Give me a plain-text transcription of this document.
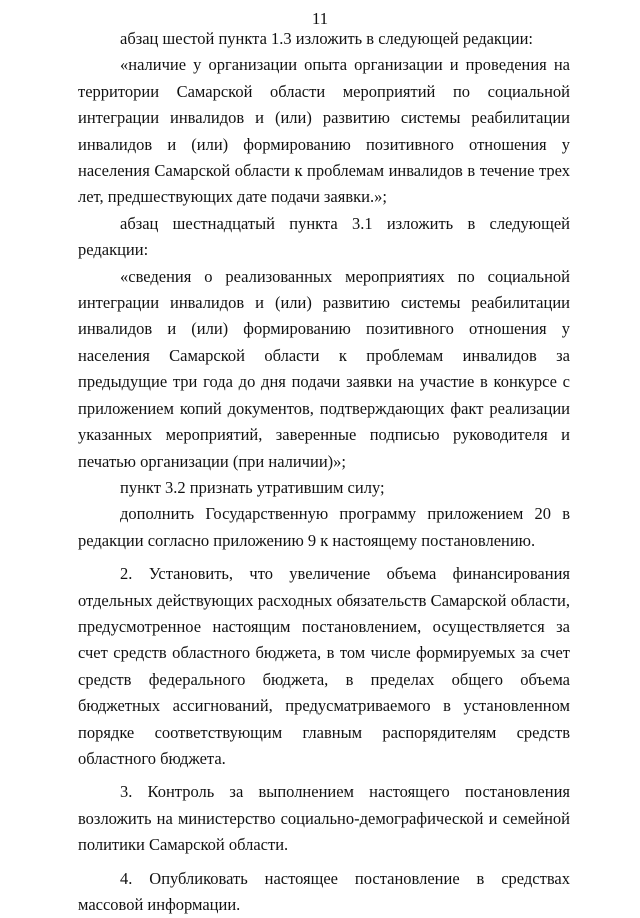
11

абзац шестой пункта 1.3 изложить в следующей редакции:

«наличие у организации опыта организации и проведения на территории Самарской области мероприятий по социальной интеграции инвалидов и (или) развитию системы реабилитации инвалидов и (или) формированию позитивного отношения у населения Самарской области к проблемам инвалидов в течение трех лет, предшествующих дате подачи заявки.»;

абзац шестнадцатый пункта 3.1 изложить в следующей редакции:

«сведения о реализованных мероприятиях по социальной интеграции инвалидов и (или) развитию системы реабилитации инвалидов и (или) формированию позитивного отношения у населения Самарской области к проблемам инвалидов за предыдущие три года до дня подачи заявки на участие в конкурсе с приложением копий документов, подтверждающих факт реализации указанных мероприятий, заверенные подписью руководителя и печатью организации (при наличии)»;

пункт 3.2 признать утратившим силу;

дополнить Государственную программу приложением 20 в редакции согласно приложению 9 к настоящему постановлению.

2. Установить, что увеличение объема финансирования отдельных действующих расходных обязательств Самарской области, предусмотренное настоящим постановлением, осуществляется за счет средств областного бюджета, в том числе формируемых за счет средств федерального бюджета, в пределах общего объема бюджетных ассигнований, предусматриваемого в установленном порядке соответствующим главным распорядителям средств областного бюджета.

3. Контроль за выполнением настоящего постановления возложить на министерство социально-демографической и семейной политики Самарской области.

4. Опубликовать настоящее постановление в средствах массовой информации.
